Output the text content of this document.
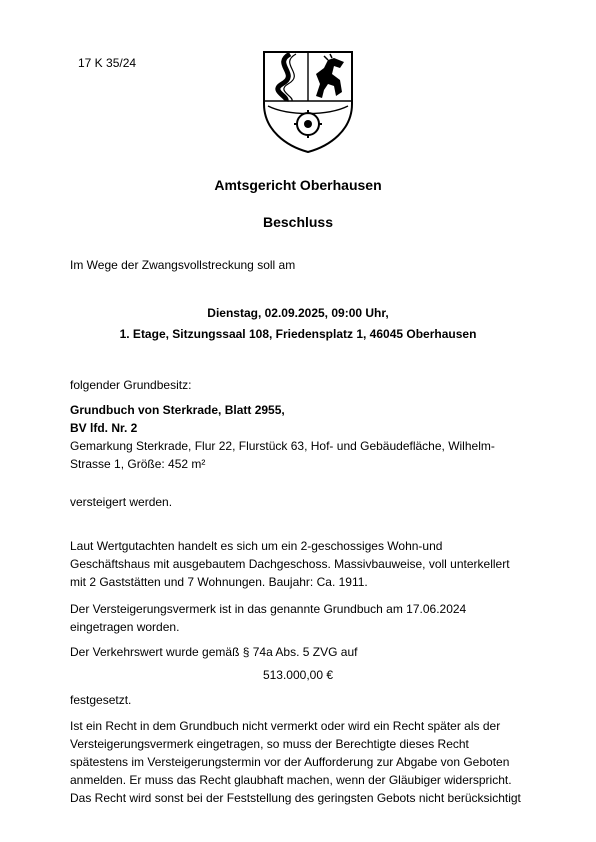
17 K 35/24
Amtsgericht Oberhausen
Beschluss
Im Wege der Zwangsvollstreckung soll am
Dienstag, 02.09.2025, 09:00 Uhr,
1. Etage, Sitzungssaal 108, Friedensplatz 1, 46045 Oberhausen
folgender Grundbesitz:
Grundbuch von Sterkrade, Blatt 2955,
BV lfd. Nr. 2
Gemarkung Sterkrade, Flur 22, Flurstück 63, Hof- und Gebäudefläche, Wilhelm-
Strasse 1, Größe: 452 m²
versteigert werden.
Laut Wertgutachten handelt es sich um ein 2-geschossiges Wohn-und
Geschäftshaus mit ausgebautem Dachgeschoss. Massivbauweise, voll unterkellert
mit 2 Gaststätten und 7 Wohnungen. Baujahr: Ca. 1911.
Der Versteigerungsvermerk ist in das genannte Grundbuch am 17.06.2024
eingetragen worden.
Der Verkehrswert wurde gemäß § 74a Abs. 5 ZVG auf
513.000,00 €
festgesetzt.
Ist ein Recht in dem Grundbuch nicht vermerkt oder wird ein Recht später als der
Versteigerungsvermerk eingetragen, so muss der Berechtigte dieses Recht
spätestens im Versteigerungstermin vor der Aufforderung zur Abgabe von Geboten
anmelden. Er muss das Recht glaubhaft machen, wenn der Gläubiger widerspricht.
Das Recht wird sonst bei der Feststellung des geringsten Gebots nicht berücksichtigt
